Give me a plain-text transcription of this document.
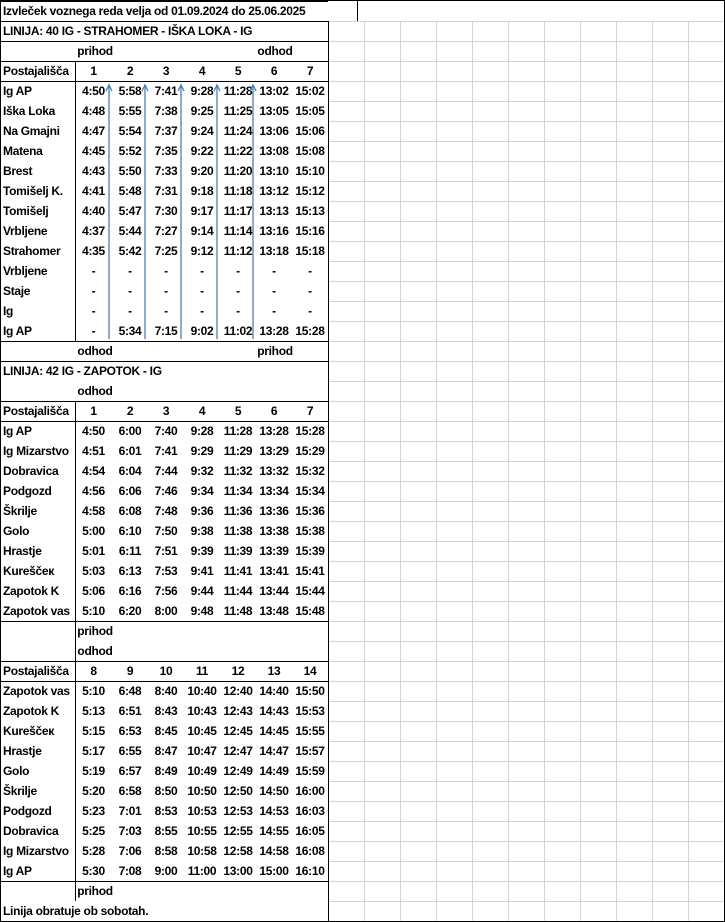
Izvleček voznega reda velja od 01.09.2024 do 25.06.2025
LINIJA: 40 IG - STRAHOMER - IŠKA LOKA - IG
prihod	odhod
Postajališča	1	2	3	4	5	6	7
Ig AP	4:50	5:58	7:41	9:28 11:28 13:02 15:02
Iška Loka	4:48	5:55	7:38	9:25 11:25 13:05 15:05
Na Gmajni	4:47	5:54	7:37	9:24 11:24 13:06 15:06
Matena	4:45	5:52	7:35	9:22 11:22 13:08 15:08
Brest	4:43	5:50	7:33	9:20 11:20 13:10 15:10
Tomišelj K.	4:41	5:48	7:31	9:18 11:18 13:12 15:12
Tomišelj	4:40	5:47	7:30	9:17 11:17 13:13 15:13
Vrbljene	4:37	5:44	7:27	9:14 11:14 13:16 15:16
Strahomer	4:35	5:42	7:25	9:12 11:12 13:18 15:18
Vrbljene	-	-	-	-	-	-	-
Staje	-	-	-	-	-	-	-
Ig	-	-	-	-	-	-	-
Ig AP	-	5:34	7:15	9:02 11:02 13:28 15:28
odhod	prihod
LINIJA: 42 IG - ZAPOTOK - IG
odhod
Postajališča	1	2	3	4	5	6	7
Ig AP	4:50	6:00	7:40	9:28 11:28 13:28 15:28
Ig Mizarstvo	4:51	6:01	7:41	9:29 11:29 13:29 15:29
Dobravica	4:54	6:04	7:44	9:32 11:32 13:32 15:32
Podgozd	4:56	6:06	7:46	9:34 11:34 13:34 15:34
Škrilje	4:58	6:08	7:48	9:36 11:36 13:36 15:36
Golo	5:00	6:10	7:50	9:38 11:38 13:38 15:38
Hrastje	5:01	6:11	7:51	9:39 11:39 13:39 15:39
Kureščeк	5:03	6:13	7:53	9:41 11:41 13:41 15:41
Zapotok K	5:06	6:16	7:56	9:44 11:44 13:44 15:44
Zapotok vas	5:10	6:20	8:00	9:48 11:48 13:48 15:48
prihod
odhod
Postajališča	8	9	10	11	12	13	14
Zapotok vas	5:10	6:48	8:40 10:40 12:40 14:40 15:50
Zapotok K	5:13	6:51	8:43 10:43 12:43 14:43 15:53
Kureščeк	5:15	6:53	8:45 10:45 12:45 14:45 15:55
Hrastje	5:17	6:55	8:47 10:47 12:47 14:47 15:57
Golo	5:19	6:57	8:49 10:49 12:49 14:49 15:59
Škrilje	5:20	6:58	8:50 10:50 12:50 14:50 16:00
Podgozd	5:23	7:01	8:53 10:53 12:53 14:53 16:03
Dobravica	5:25	7:03	8:55 10:55 12:55 14:55 16:05
Ig Mizarstvo	5:28	7:06	8:58 10:58 12:58 14:58 16:08
Ig AP	5:30	7:08	9:00 11:00 13:00 15:00 16:10
prihod
Linija obratuje ob sobotah.
